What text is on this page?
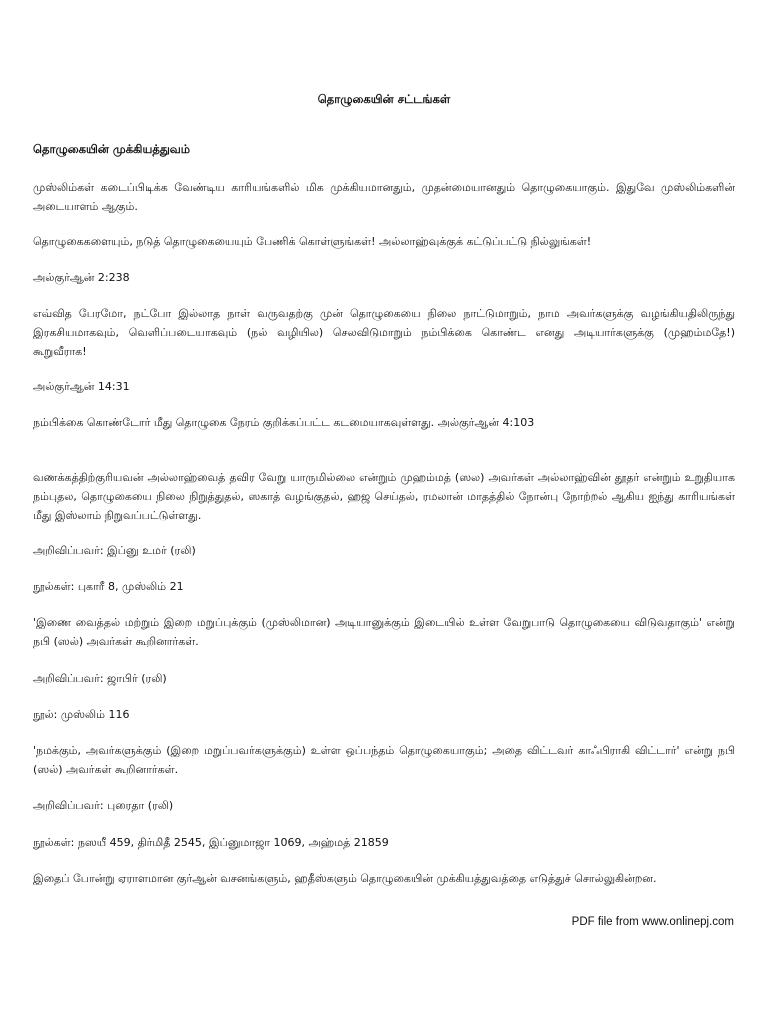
தொழுகையின் சட்டங்கள்
தொழுகையின் முக்கியத்துவம்

முஸ்லிம்கள் கடைப்பிடிக்க வேண்டிய காரியங்களில் மிக முக்கியமானதும், முதன்மையானதும் தொழுகையாகும். இதுவே முஸ்லிம்களின் அடையாளம் ஆகும்.

தொழுகைகளையும், நடுத் தொழுகையையும் பேணிக் கொள்ளுங்கள்! அல்லாஹ்வுக்குக் கட்டுப்பட்டு நில்லுங்கள்!

அல்குர்ஆன் 2:238

எவ்வித பேரமோ, நட்போ இல்லாத நாள் வருவதற்கு முன் தொழுகையை நிலை நாட்டுமாறும், நாம அவர்களுக்கு வழங்கியதிலிருந்து இரகசியமாகவும், வெளிப்படையாகவும் (நல் வழியில) செலவிடுமாறும் நம்பிக்கை கொண்ட எனது அடியார்களுக்கு (முஹம்மதே!) கூறுவீராக!

அல்குர்ஆன் 14:31

நம்பிக்கை கொண்டோர் மீது தொழுகை நேரம் குறிக்கப்பட்ட கடமையாகவுள்ளது. அல்குர்ஆன் 4:103

வணக்கத்திற்குரியவன் அல்லாஹ்வைத் தவிர வேறு யாருமில்லை என்றும் முஹம்மத் (ஸல) அவர்கள் அல்லாஹ்வின் தூதர் என்றும் உறுதியாக நம்புதல, தொழுகையை நிலை நிறுத்துதல், ஸகாத் வழங்குதல், ஹஜ செய்தல், ரமலான் மாதத்தில் நோன்பு நோற்றல் ஆகிய ஐந்து காரியங்கள் மீது இஸ்லாம் நிறுவப்பட்டுள்ளது.

அறிவிப்பவர்: இப்னு உமர் (ரலி)

நூல்கள்: புகாரீ 8, முஸ்லிம் 21

'இணை வைத்தல் மற்றும் இறை மறுப்புக்கும் (முஸ்லிமான) அடியானுக்கும் இடையில் உள்ள வேறுபாடு தொழுகையை விடுவதாகும்' என்று நபி (ஸல்) அவர்கள் கூறினார்கள்.

அறிவிப்பவர்: ஜாபிர் (ரலி)

நூல்: முஸ்லிம் 116

'நமக்கும், அவர்களுக்கும் (இறை மறுப்பவர்களுக்கும்) உள்ள ஒப்பந்தம் தொழுகையாகும்; அதை விட்டவர் காஃபிராகி விட்டார்' என்று நபி (ஸல்) அவர்கள் கூறினார்கள்.

அறிவிப்பவர்: புரைதா (ரலி)

நூல்கள்: நஸயீ 459, திர்மிதீ 2545, இப்னுமாஜா 1069, அஹ்மத் 21859

இதைப் போன்று ஏராளமான குர்ஆன் வசனங்களும், ஹதீஸ்களும் தொழுகையின் முக்கியத்துவத்தை எடுத்துச் சொல்லுகின்றன.

PDF file from www.onlinepj.com
